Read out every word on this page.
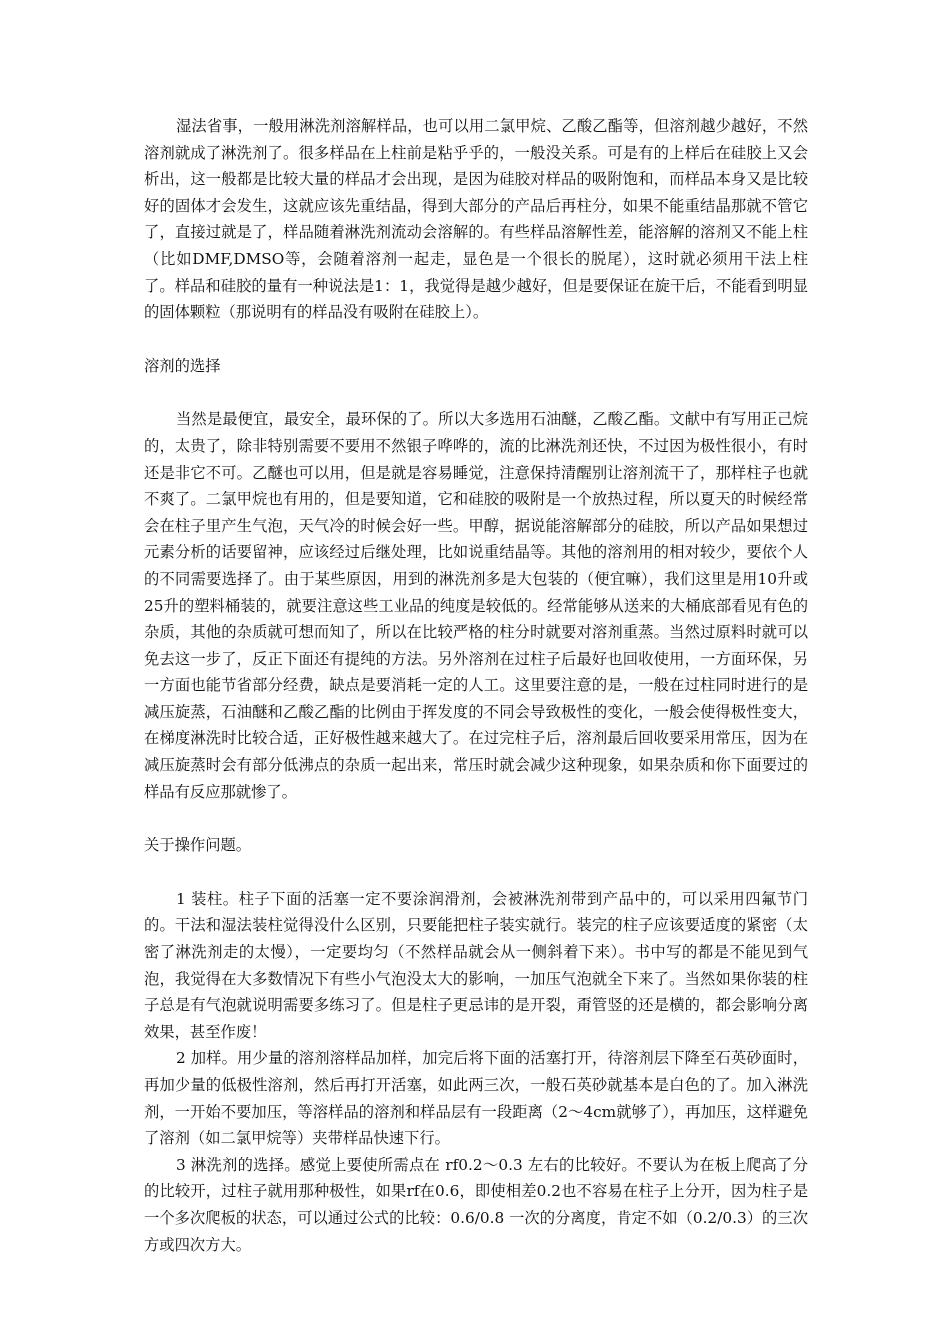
湿法省事，一般用淋洗剂溶解样品，也可以用二氯甲烷、乙酸乙酯等，但溶剂越少越好，不然溶剂就成了淋洗剂了。很多样品在上柱前是粘乎乎的，一般没关系。可是有的上样后在硅胶上又会析出，这一般都是比较大量的样品才会出现，是因为硅胶对样品的吸附饱和，而样品本身又是比较好的固体才会发生，这就应该先重结晶，得到大部分的产品后再柱分，如果不能重结晶那就不管它了，直接过就是了，样品随着淋洗剂流动会溶解的。有些样品溶解性差，能溶解的溶剂又不能上柱（比如DMF,DMSO等，会随着溶剂一起走，显色是一个很长的脱尾），这时就必须用干法上柱了。样品和硅胶的量有一种说法是1：1，我觉得是越少越好，但是要保证在旋干后，不能看到明显的固体颗粒（那说明有的样品没有吸附在硅胶上）。

溶剂的选择

当然是最便宜，最安全，最环保的了。所以大多选用石油醚，乙酸乙酯。文献中有写用正己烷的，太贵了，除非特别需要不要用不然银子哗哗的，流的比淋洗剂还快，不过因为极性很小，有时还是非它不可。乙醚也可以用，但是就是容易睡觉，注意保持清醒别让溶剂流干了，那样柱子也就不爽了。二氯甲烷也有用的，但是要知道，它和硅胶的吸附是一个放热过程，所以夏天的时候经常会在柱子里产生气泡，天气冷的时候会好一些。甲醇，据说能溶解部分的硅胶，所以产品如果想过元素分析的话要留神，应该经过后继处理，比如说重结晶等。其他的溶剂用的相对较少，要依个人的不同需要选择了。由于某些原因，用到的淋洗剂多是大包装的（便宜嘛），我们这里是用10升或25升的塑料桶装的，就要注意这些工业品的纯度是较低的。经常能够从送来的大桶底部看见有色的杂质，其他的杂质就可想而知了，所以在比较严格的柱分时就要对溶剂重蒸。当然过原料时就可以免去这一步了，反正下面还有提纯的方法。另外溶剂在过柱子后最好也回收使用，一方面环保，另一方面也能节省部分经费，缺点是要消耗一定的人工。这里要注意的是，一般在过柱同时进行的是减压旋蒸，石油醚和乙酸乙酯的比例由于挥发度的不同会导致极性的变化，一般会使得极性变大，在梯度淋洗时比较合适，正好极性越来越大了。在过完柱子后，溶剂最后回收要采用常压，因为在减压旋蒸时会有部分低沸点的杂质一起出来，常压时就会减少这种现象，如果杂质和你下面要过的样品有反应那就惨了。

关于操作问题。

1 装柱。柱子下面的活塞一定不要涂润滑剂，会被淋洗剂带到产品中的，可以采用四氟节门的。干法和湿法装柱觉得没什么区别，只要能把柱子装实就行。装完的柱子应该要适度的紧密（太密了淋洗剂走的太慢），一定要均匀（不然样品就会从一侧斜着下来）。书中写的都是不能见到气泡，我觉得在大多数情况下有些小气泡没太大的影响，一加压气泡就全下来了。当然如果你装的柱子总是有气泡就说明需要多练习了。但是柱子更忌讳的是开裂，甭管竖的还是横的，都会影响分离效果，甚至作废！

2 加样。用少量的溶剂溶样品加样，加完后将下面的活塞打开，待溶剂层下降至石英砂面时，再加少量的低极性溶剂，然后再打开活塞，如此两三次，一般石英砂就基本是白色的了。加入淋洗剂，一开始不要加压，等溶样品的溶剂和样品层有一段距离（2～4cm就够了），再加压，这样避免了溶剂（如二氯甲烷等）夹带样品快速下行。

3 淋洗剂的选择。感觉上要使所需点在 rf0.2～0.3 左右的比较好。不要认为在板上爬高了分的比较开，过柱子就用那种极性，如果rf在0.6，即使相差0.2也不容易在柱子上分开，因为柱子是一个多次爬板的状态，可以通过公式的比较：0.6/0.8 一次的分离度，肯定不如（0.2/0.3）的三次方或四次方大。
